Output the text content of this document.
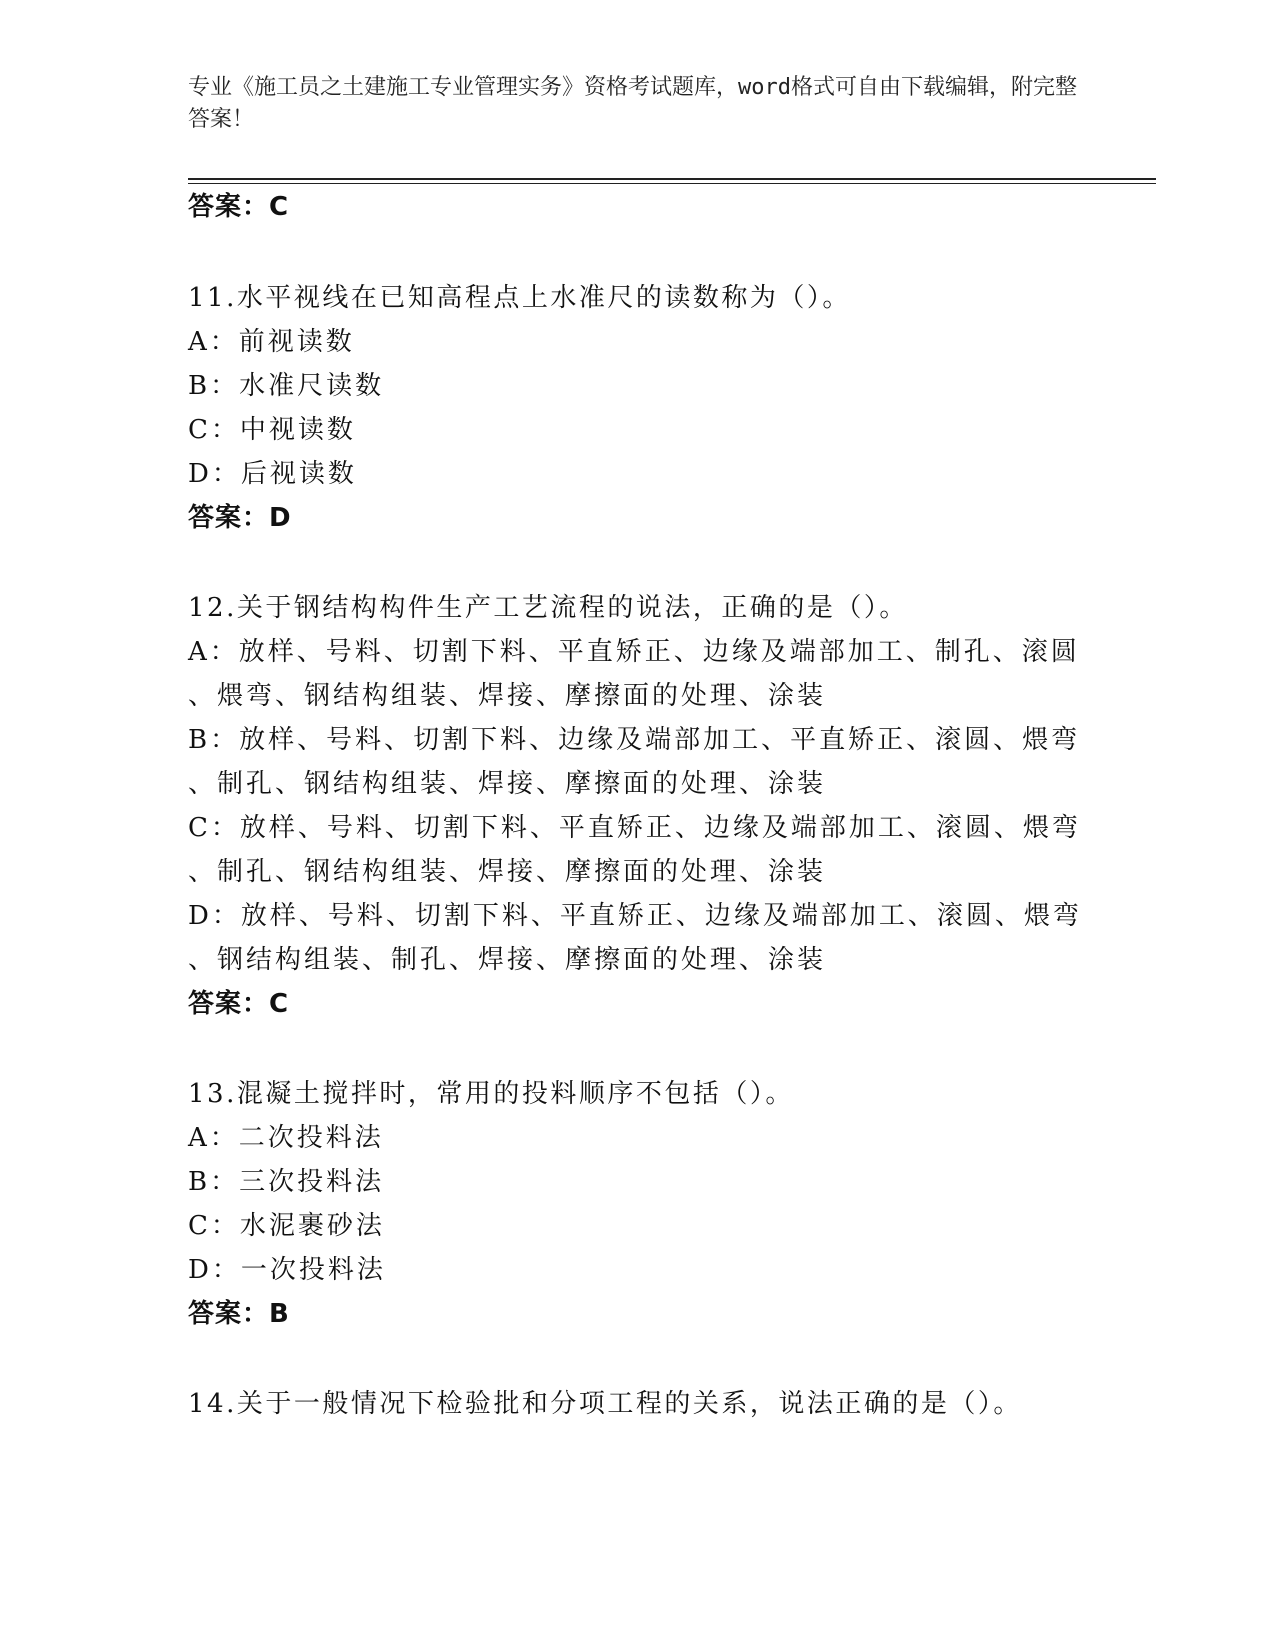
专业《施工员之土建施工专业管理实务》资格考试题库，word格式可自由下载编辑，附完整答案！
答案：C
11.水平视线在已知高程点上水准尺的读数称为（）。
A：前视读数
B：水准尺读数
C：中视读数
D：后视读数
答案：D
12.关于钢结构构件生产工艺流程的说法，正确的是（）。
A：放样、号料、切割下料、平直矫正、边缘及端部加工、制孔、滚圆
、煨弯、钢结构组装、焊接、摩擦面的处理、涂装
B：放样、号料、切割下料、边缘及端部加工、平直矫正、滚圆、煨弯
、制孔、钢结构组装、焊接、摩擦面的处理、涂装
C：放样、号料、切割下料、平直矫正、边缘及端部加工、滚圆、煨弯
、制孔、钢结构组装、焊接、摩擦面的处理、涂装
D：放样、号料、切割下料、平直矫正、边缘及端部加工、滚圆、煨弯
、钢结构组装、制孔、焊接、摩擦面的处理、涂装
答案：C
13.混凝土搅拌时，常用的投料顺序不包括（）。
A：二次投料法
B：三次投料法
C：水泥裹砂法
D：一次投料法
答案：B
14.关于一般情况下检验批和分项工程的关系，说法正确的是（）。
